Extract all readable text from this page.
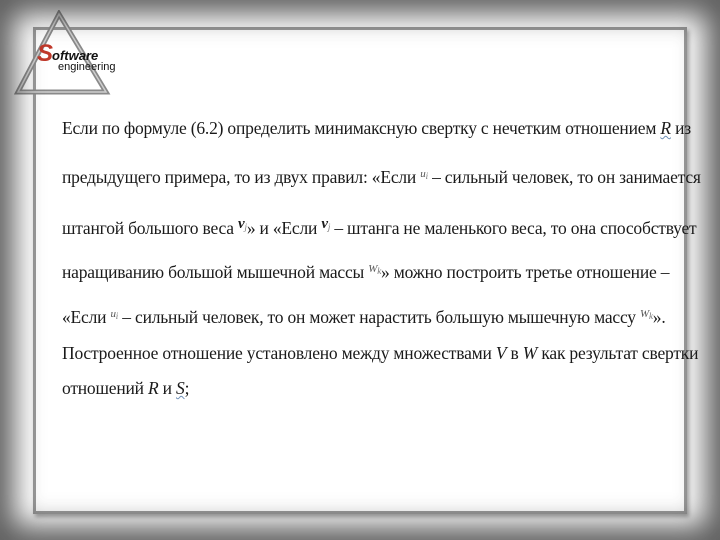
S
oftware
engineering
Если по формуле (6.2) определить минимаксную свертку с нечетким отношением R из
предыдущего примера, то из двух правил: «Если $^{ui}$ – сильный человек, то он занимается
штангой большого веса $v^j$» и «Если $v^j$ – штанга не маленького веса, то она способствует
наращиванию большой мышечной массы $^{Wk}$» можно построить третье отношение –
«Если $^{ui}$ – сильный человек, то он может нарастить большую мышечную массу $^{Wk}$».
Построенное отношение установлено между множествами V в W как результат свертки
отношений R и S;
